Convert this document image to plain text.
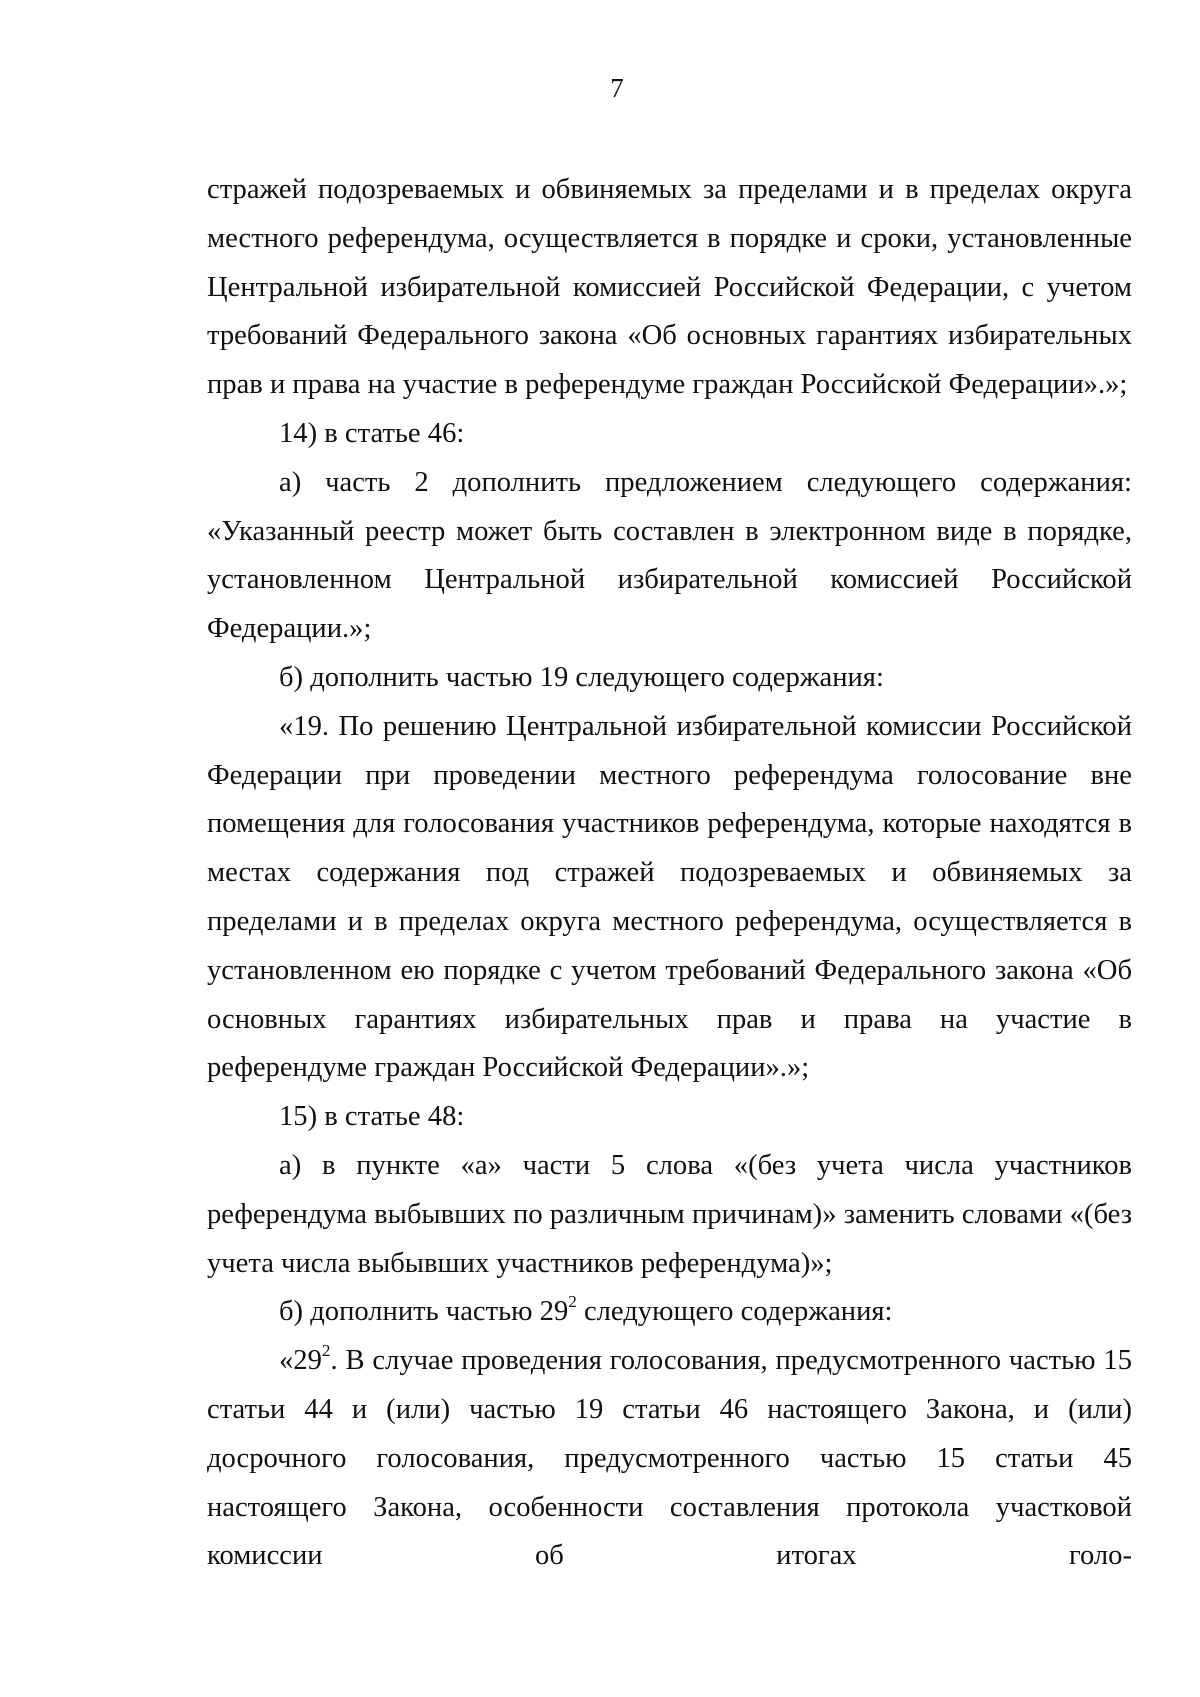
7

стражей подозреваемых и обвиняемых за пределами и в пределах округа местного референдума, осуществляется в порядке и сроки, установленные Центральной избирательной комиссией Российской Федерации, с учетом требований Федерального закона «Об основных гарантиях избирательных прав и права на участие в референдуме граждан Российской Федерации».»;

14) в статье 46:

а) часть 2 дополнить предложением следующего содержания: «Указанный реестр может быть составлен в электронном виде в порядке, установленном Центральной избирательной комиссией Российской Федерации.»;

б) дополнить частью 19 следующего содержания:

«19. По решению Центральной избирательной комиссии Российской Федерации при проведении местного референдума голосование вне помещения для голосования участников референдума, которые находятся в местах содержания под стражей подозреваемых и обвиняемых за пределами и в пределах округа местного референдума, осуществляется в установленном ею порядке с учетом требований Федерального закона «Об основных гарантиях избирательных прав и права на участие в референдуме граждан Российской Федерации».»;

15) в статье 48:

а) в пункте «а» части 5 слова «(без учета числа участников референдума выбывших по различным причинам)» заменить словами «(без учета числа выбывших участников референдума)»;

б) дополнить частью $29^2$ следующего содержания:

«$29^2$. В случае проведения голосования, предусмотренного частью 15 статьи 44 и (или) частью 19 статьи 46 настоящего Закона, и (или) досрочного голосования, предусмотренного частью 15 статьи 45 настоящего Закона, особенности составления протокола участковой комиссии об итогах голо-
